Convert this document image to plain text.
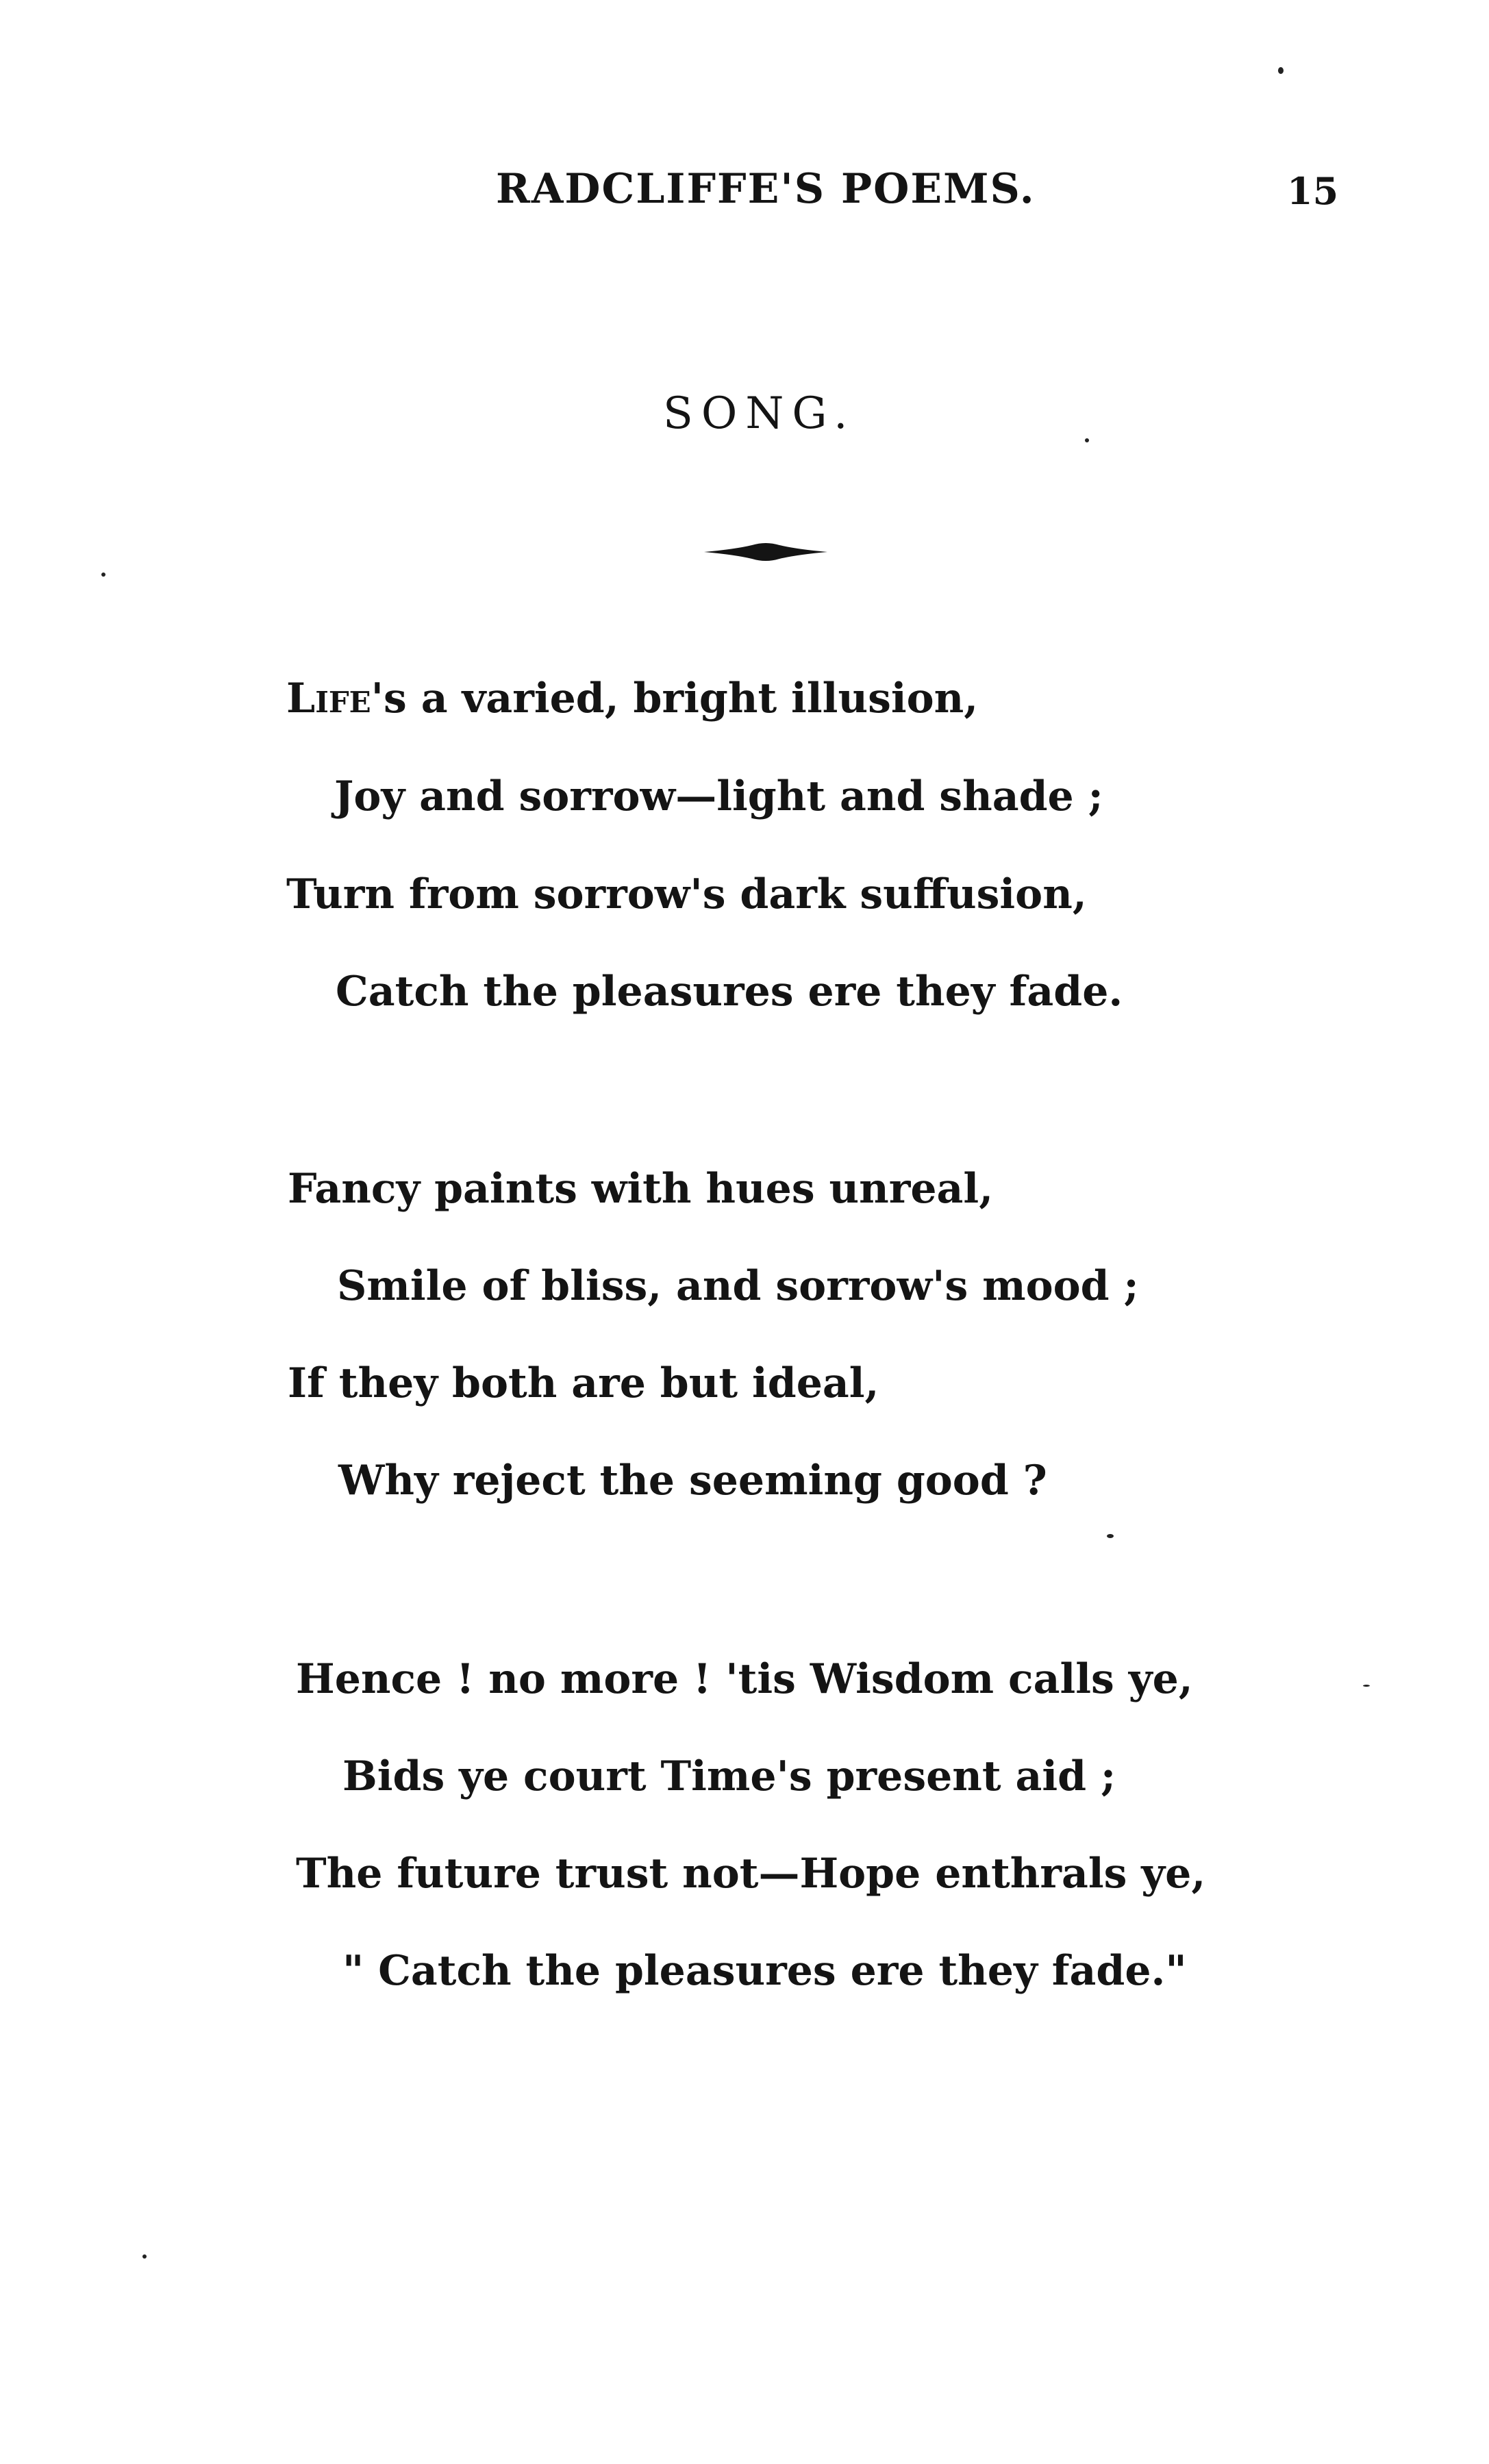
RADCLIFFE'S POEMS.	15
SONG.
Life's a varied, bright illusion,
Joy and sorrow—light and shade ;
Turn from sorrow's dark suffusion,
Catch the pleasures ere they fade.
Fancy paints with hues unreal,
Smile of bliss, and sorrow's mood ;
If they both are but ideal,
Why reject the seeming good ?
Hence ! no more ! 'tis Wisdom calls ye,
Bids ye court Time's present aid ;
The future trust not—Hope enthrals ye,
" Catch the pleasures ere they fade."
